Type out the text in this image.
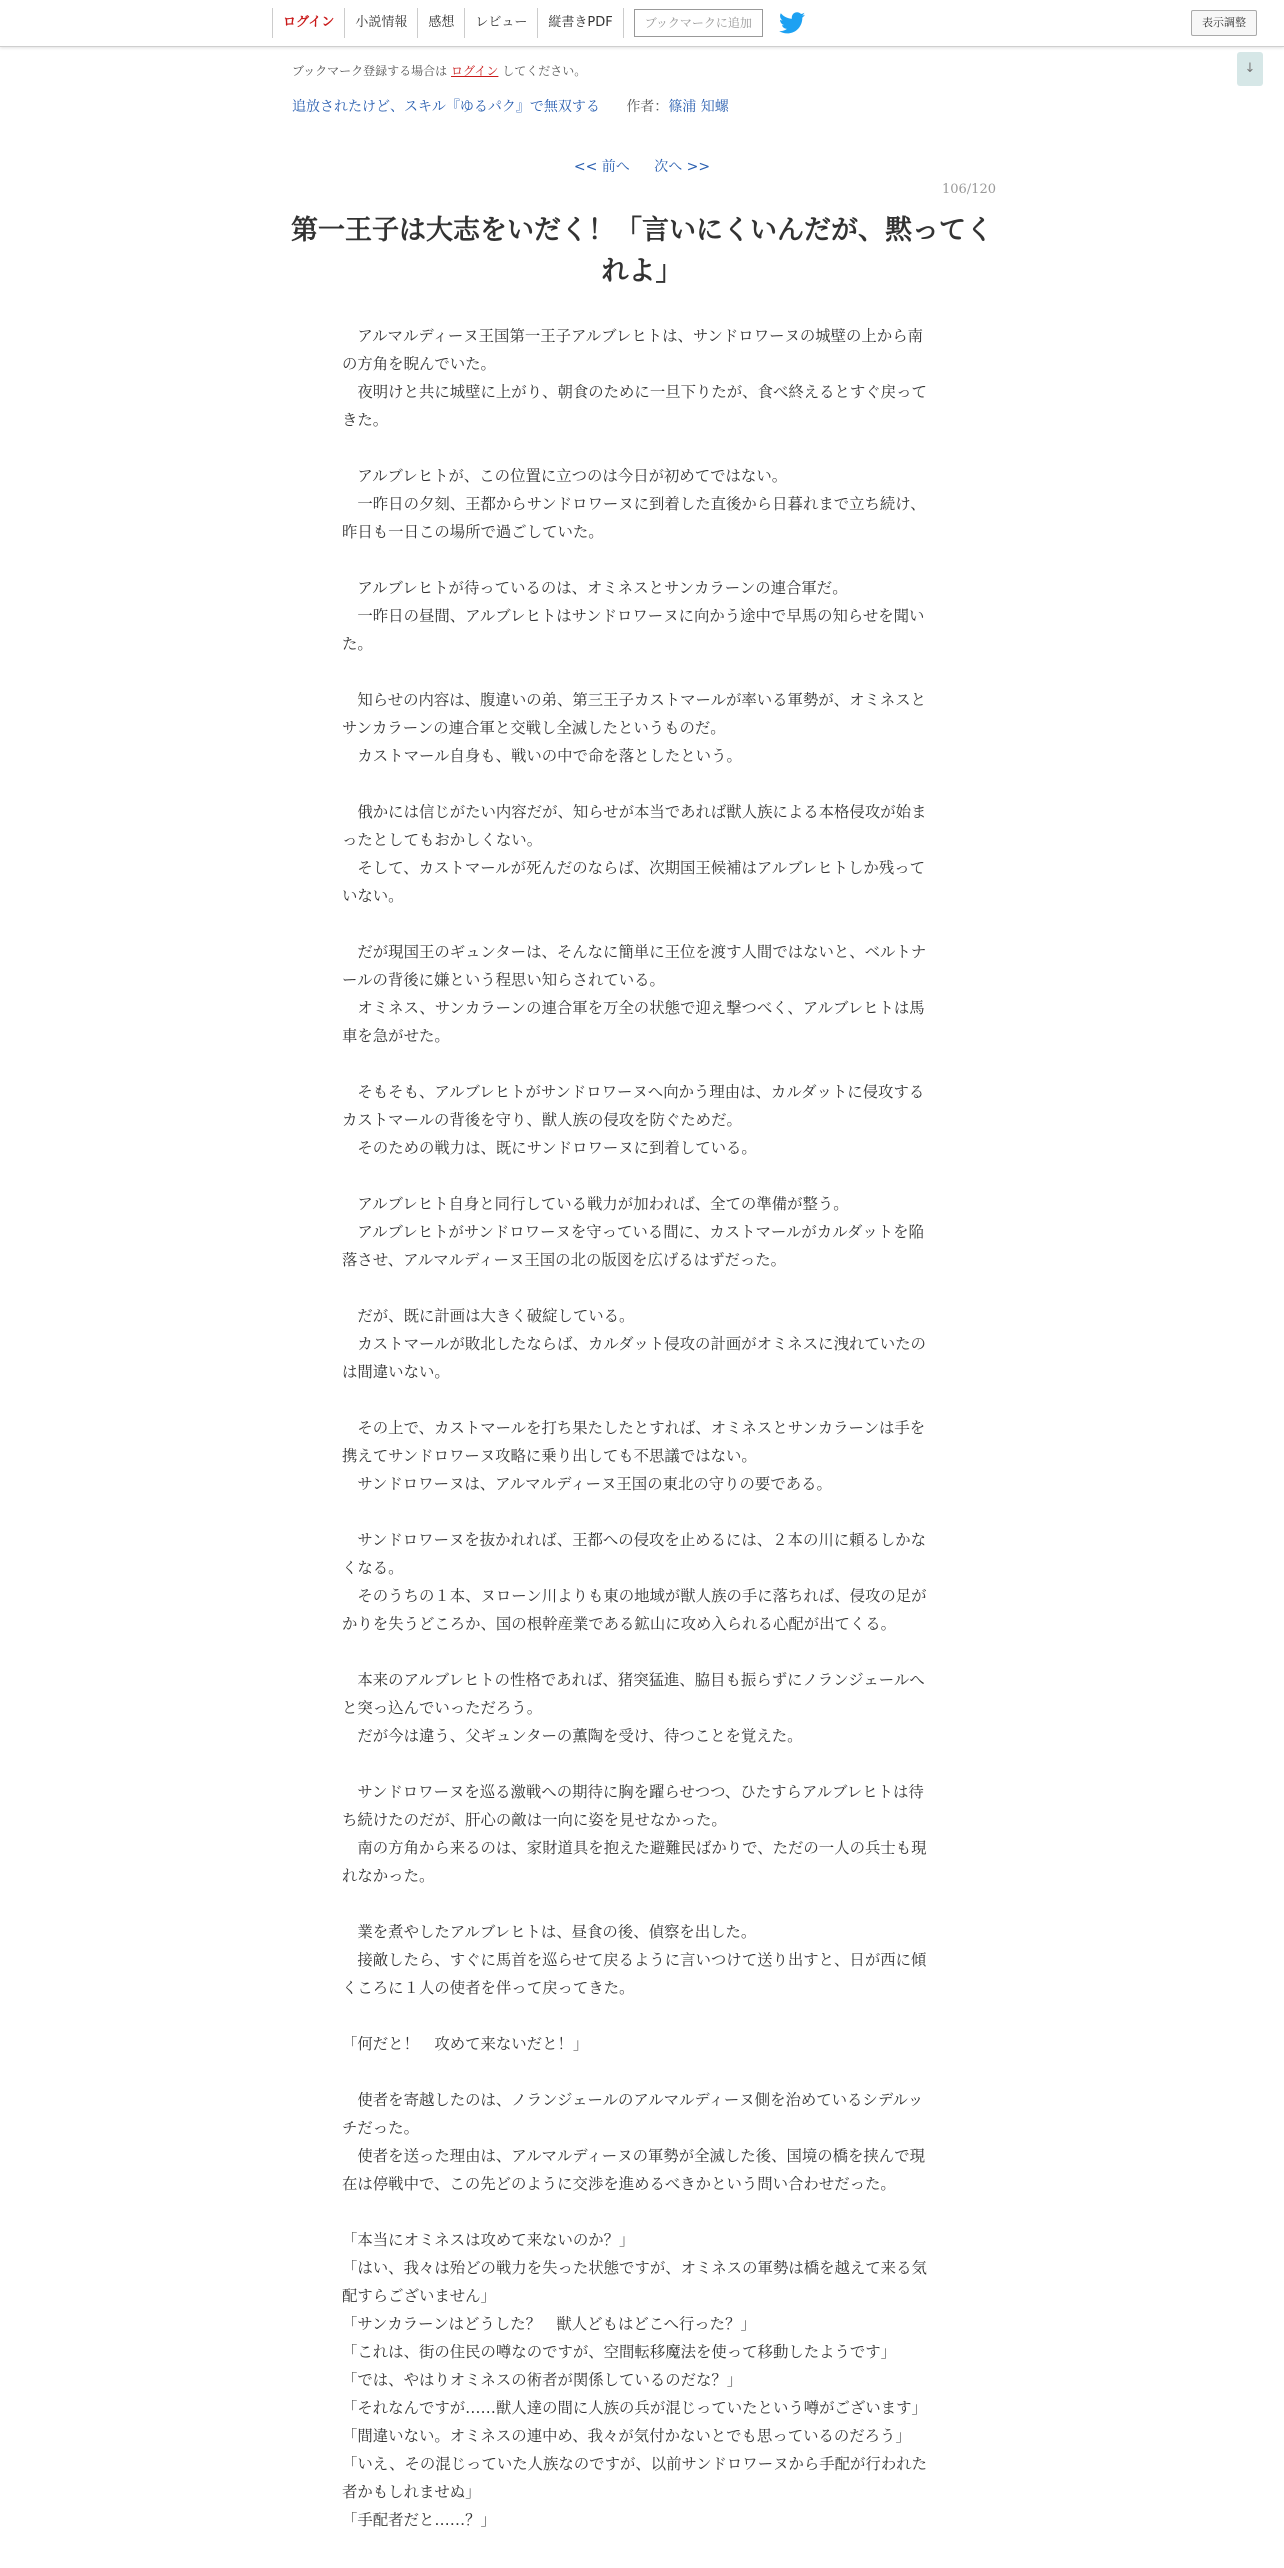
ログイン	小説情報	感想	レビュー	縦書きPDF	ブックマークに追加	表示調整
↓
ブックマーク登録する場合は ログイン してください。
追放されたけど、スキル『ゆるパク』で無双する 作者：篠浦 知螺
<< 前へ 次へ >>
106/120
第一王子は大志をいだく！「言いにくいんだが、黙ってくれよ」

　アルマルディーヌ王国第一王子アルブレヒトは、サンドロワーヌの城壁の上から南の方角を睨んでいた。

　夜明けと共に城壁に上がり、朝食のために一旦下りたが、食べ終えるとすぐ戻ってきた。

　アルブレヒトが、この位置に立つのは今日が初めてではない。

　一昨日の夕刻、王都からサンドロワーヌに到着した直後から日暮れまで立ち続け、昨日も一日この場所で過ごしていた。

　アルブレヒトが待っているのは、オミネスとサンカラーンの連合軍だ。

　一昨日の昼間、アルブレヒトはサンドロワーヌに向かう途中で早馬の知らせを聞いた。

　知らせの内容は、腹違いの弟、第三王子カストマールが率いる軍勢が、オミネスとサンカラーンの連合軍と交戦し全滅したというものだ。

　カストマール自身も、戦いの中で命を落としたという。

　俄かには信じがたい内容だが、知らせが本当であれば獣人族による本格侵攻が始まったとしてもおかしくない。

　そして、カストマールが死んだのならば、次期国王候補はアルブレヒトしか残っていない。

　だが現国王のギュンターは、そんなに簡単に王位を渡す人間ではないと、ベルトナールの背後に嫌という程思い知らされている。

　オミネス、サンカラーンの連合軍を万全の状態で迎え撃つべく、アルブレヒトは馬車を急がせた。

　そもそも、アルブレヒトがサンドロワーヌへ向かう理由は、カルダットに侵攻するカストマールの背後を守り、獣人族の侵攻を防ぐためだ。

　そのための戦力は、既にサンドロワーヌに到着している。

　アルブレヒト自身と同行している戦力が加われば、全ての準備が整う。

　アルブレヒトがサンドロワーヌを守っている間に、カストマールがカルダットを陥落させ、アルマルディーヌ王国の北の版図を広げるはずだった。

　だが、既に計画は大きく破綻している。

　カストマールが敗北したならば、カルダット侵攻の計画がオミネスに洩れていたのは間違いない。

　その上で、カストマールを打ち果たしたとすれば、オミネスとサンカラーンは手を携えてサンドロワーヌ攻略に乗り出しても不思議ではない。

　サンドロワーヌは、アルマルディーヌ王国の東北の守りの要である。

　サンドロワーヌを抜かれれば、王都への侵攻を止めるには、２本の川に頼るしかなくなる。

　そのうちの１本、ヌローン川よりも東の地域が獣人族の手に落ちれば、侵攻の足がかりを失うどころか、国の根幹産業である鉱山に攻め入られる心配が出てくる。

　本来のアルブレヒトの性格であれば、猪突猛進、脇目も振らずにノランジェールへと突っ込んでいっただろう。

　だが今は違う、父ギュンターの薫陶を受け、待つことを覚えた。

　サンドロワーヌを巡る激戦への期待に胸を躍らせつつ、ひたすらアルブレヒトは待ち続けたのだが、肝心の敵は一向に姿を見せなかった。

　南の方角から来るのは、家財道具を抱えた避難民ばかりで、ただの一人の兵士も現れなかった。

　業を煮やしたアルブレヒトは、昼食の後、偵察を出した。

　接敵したら、すぐに馬首を巡らせて戻るように言いつけて送り出すと、日が西に傾くころに１人の使者を伴って戻ってきた。

「何だと！　攻めて来ないだと！」

　使者を寄越したのは、ノランジェールのアルマルディーヌ側を治めているシデルッチだった。

　使者を送った理由は、アルマルディーヌの軍勢が全滅した後、国境の橋を挟んで現在は停戦中で、この先どのように交渉を進めるべきかという問い合わせだった。

「本当にオミネスは攻めて来ないのか？」

「はい、我々は殆どの戦力を失った状態ですが、オミネスの軍勢は橋を越えて来る気配すらございません」

「サンカラーンはどうした？　獣人どもはどこへ行った？」

「これは、街の住民の噂なのですが、空間転移魔法を使って移動したようです」

「では、やはりオミネスの術者が関係しているのだな？」

「それなんですが……獣人達の間に人族の兵が混じっていたという噂がございます」

「間違いない。オミネスの連中め、我々が気付かないとでも思っているのだろう」

「いえ、その混じっていた人族なのですが、以前サンドロワーヌから手配が行われた者かもしれませぬ」

「手配者だと……？」
